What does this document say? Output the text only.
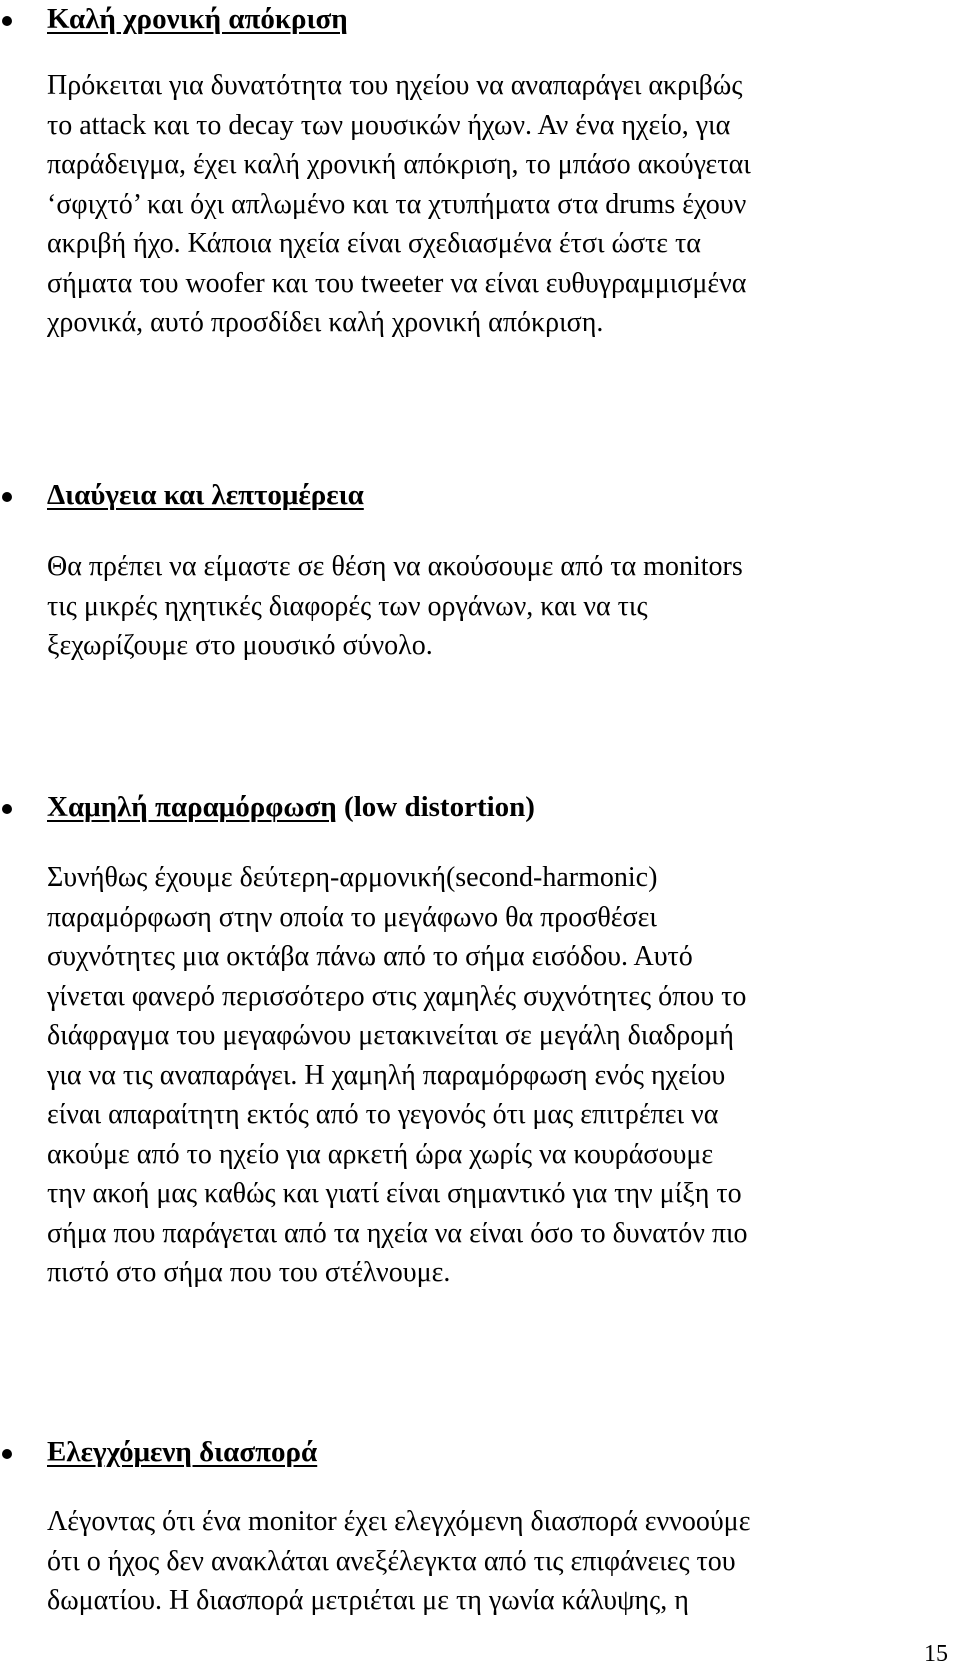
Καλή χρονική απόκριση
Πρόκειται για δυνατότητα του ηχείου να αναπαράγει ακριβώς
το attack και το decay των μουσικών ήχων. Αν ένα ηχείο, για
παράδειγμα, έχει καλή χρονική απόκριση, το μπάσο ακούγεται
‘σφιχτό’ και όχι απλωμένο και τα χτυπήματα στα drums έχουν
ακριβή ήχο. Κάποια ηχεία είναι σχεδιασμένα έτσι ώστε τα
σήματα του woofer και του tweeter να είναι ευθυγραμμισμένα
χρονικά, αυτό προσδίδει καλή χρονική απόκριση.
Διαύγεια και λεπτομέρεια
Θα πρέπει να είμαστε σε θέση να ακούσουμε από τα monitors
τις μικρές ηχητικές διαφορές των οργάνων, και να τις
ξεχωρίζουμε στο μουσικό σύνολο.
Χαμηλή παραμόρφωση (low distortion)
Συνήθως έχουμε δεύτερη-αρμονική(second-harmonic)
παραμόρφωση στην οποία το μεγάφωνο θα προσθέσει
συχνότητες μια οκτάβα πάνω από το σήμα εισόδου. Αυτό
γίνεται φανερό περισσότερο στις χαμηλές συχνότητες όπου το
διάφραγμα του μεγαφώνου μετακινείται σε μεγάλη διαδρομή
για να τις αναπαράγει. Η χαμηλή παραμόρφωση ενός ηχείου
είναι απαραίτητη εκτός από το γεγονός ότι μας επιτρέπει να
ακούμε από το ηχείο για αρκετή ώρα χωρίς να κουράσουμε
την ακοή μας καθώς και γιατί είναι σημαντικό για την μίξη το
σήμα που παράγεται από τα ηχεία να είναι όσο το δυνατόν πιο
πιστό στο σήμα που του στέλνουμε.
Ελεγχόμενη διασπορά
Λέγοντας ότι ένα monitor έχει ελεγχόμενη διασπορά εννοούμε
ότι ο ήχος δεν ανακλάται ανεξέλεγκτα από τις επιφάνειες του
δωματίου. Η διασπορά μετριέται με τη γωνία κάλυψης, η
15
